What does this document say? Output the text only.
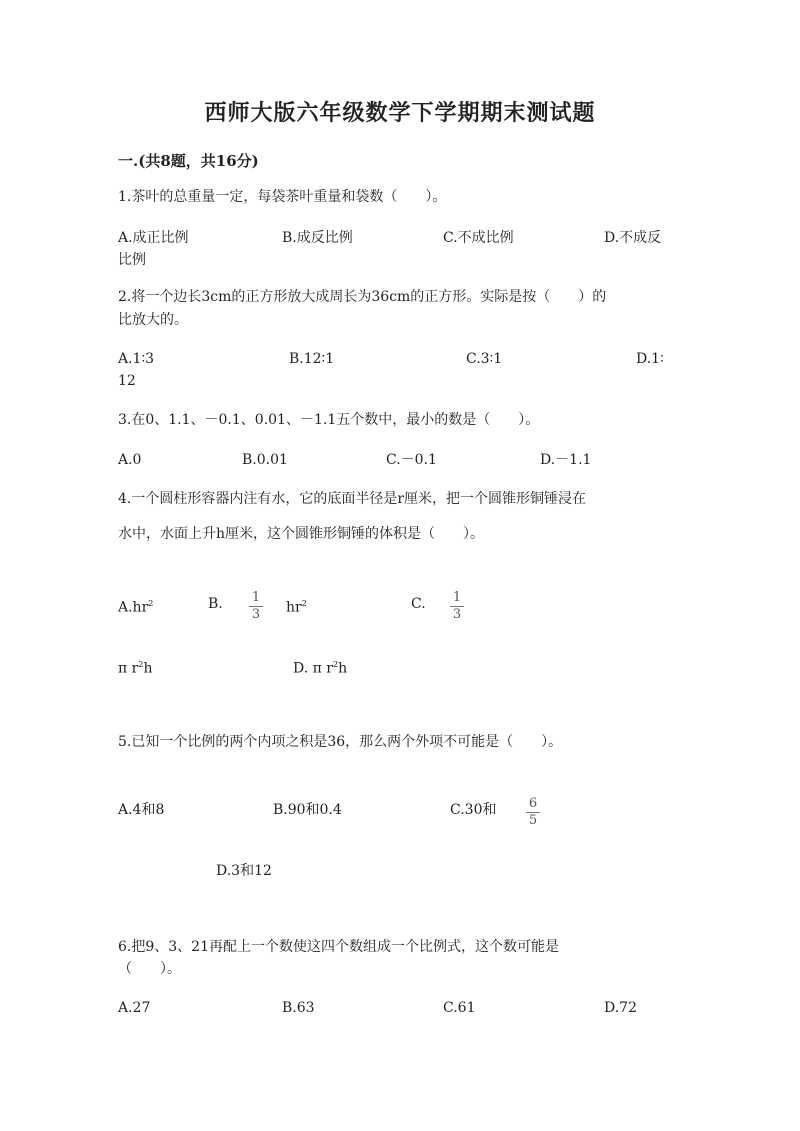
西师大版六年级数学下学期期末测试题
一.(共8题，共16分)
1.茶叶的总重量一定，每袋茶叶重量和袋数（　　）。
A.成正比例	B.成反比例	C.不成比例	D.不成反
比例
2.将一个边长3cm的正方形放大成周长为36cm的正方形。实际是按（　　）的
比放大的。
A.1∶3	B.12∶1	C.3∶1	D.1∶
12
3.在0、1.1、－0.1、0.01、－1.1五个数中，最小的数是（　　）。
A.0	B.0.01	C.－0.1	D.－1.1
4.一个圆柱形容器内注有水，它的底面半径是r厘米，把一个圆锥形铜锤浸在
水中，水面上升h厘米，这个圆锥形铜锤的体积是（　　）。
$A.hr^2$	B. 1
3 $hr^2$	C. 1
3
π $r^2h$	D. π $r^2h$
5.已知一个比例的两个内项之积是36，那么两个外项不可能是（　　）。
A.4和8	B.90和0.4	C.30和 6
5
D.3和12
6.把9、3、21再配上一个数使这四个数组成一个比例式，这个数可能是
（　　）。
A.27	B.63	C.61	D.72
